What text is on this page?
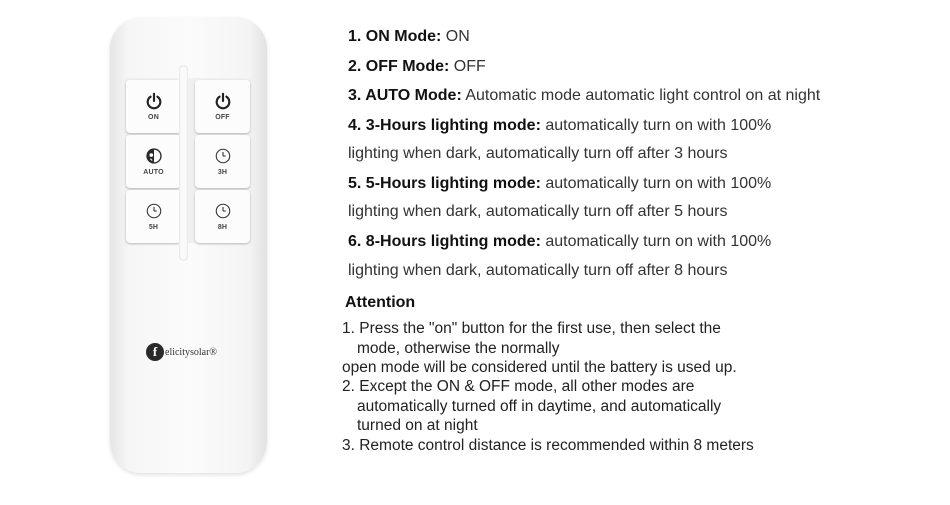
ON	OFF
AUTO	3H
5H	8H
f elicitysolar®
1. ON Mode: ON
2. OFF Mode: OFF
3. AUTO Mode: Automatic mode automatic light control on at night
4. 3-Hours lighting mode: automatically turn on with 100%
lighting when dark, automatically turn off after 3 hours
5. 5-Hours lighting mode: automatically turn on with 100%
lighting when dark, automatically turn off after 5 hours
6. 8-Hours lighting mode: automatically turn on with 100%
lighting when dark, automatically turn off after 8 hours
Attention
1. Press the "on" button for the first use, then select the
mode, otherwise the normally
open mode will be considered until the battery is used up.
2. Except the ON & OFF mode, all other modes are
automatically turned off in daytime, and automatically
turned on at night
3. Remote control distance is recommended within 8 meters
